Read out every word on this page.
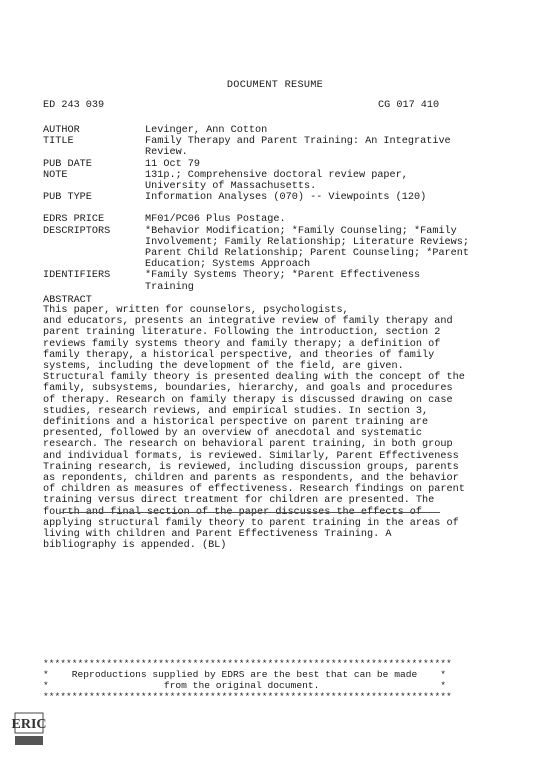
DOCUMENT RESUME
ED 243 039	CG 017 410
AUTHOR	Levinger, Ann Cotton
TITLE	Family Therapy and Parent Training: An Integrative
Review.
PUB DATE	11 Oct 79
NOTE	131p.; Comprehensive doctoral review paper,
University of Massachusetts.
PUB TYPE	Information Analyses (070) -- Viewpoints (120)
EDRS PRICE	MF01/PC06 Plus Postage.
DESCRIPTORS	*Behavior Modification; *Family Counseling; *Family
Involvement; Family Relationship; Literature Reviews;
Parent Child Relationship; Parent Counseling; *Parent
Education; Systems Approach
IDENTIFIERS	*Family Systems Theory; *Parent Effectiveness
Training
ABSTRACT
This paper, written for counselors, psychologists,
and educators, presents an integrative review of family therapy and
parent training literature. Following the introduction, section 2
reviews family systems theory and family therapy; a definition of
family therapy, a historical perspective, and theories of family
systems, including the development of the field, are given.
Structural family theory is presented dealing with the concept of the
family, subsystems, boundaries, hierarchy, and goals and procedures
of therapy. Research on family therapy is discussed drawing on case
studies, research reviews, and empirical studies. In section 3,
definitions and a historical perspective on parent training are
presented, followed by an overview of anecdotal and systematic
research. The research on behavioral parent training, in both group
and individual formats, is reviewed. Similarly, Parent Effectiveness
Training research, is reviewed, including discussion groups, parents
as repondents, children and parents as respondents, and the behavior
of children as measures of effectiveness. Research findings on parent
training versus direct treatment for children are presented. The
fourth and final section of the paper discusses the effects of
applying structural family theory to parent training in the areas of
living with children and Parent Effectiveness Training. A
bibliography is appended. (BL)
***********************************************************************
*    Reproductions supplied by EDRS are the best that can be made    *
*                    from the original document.                     *
***********************************************************************
ERIC
